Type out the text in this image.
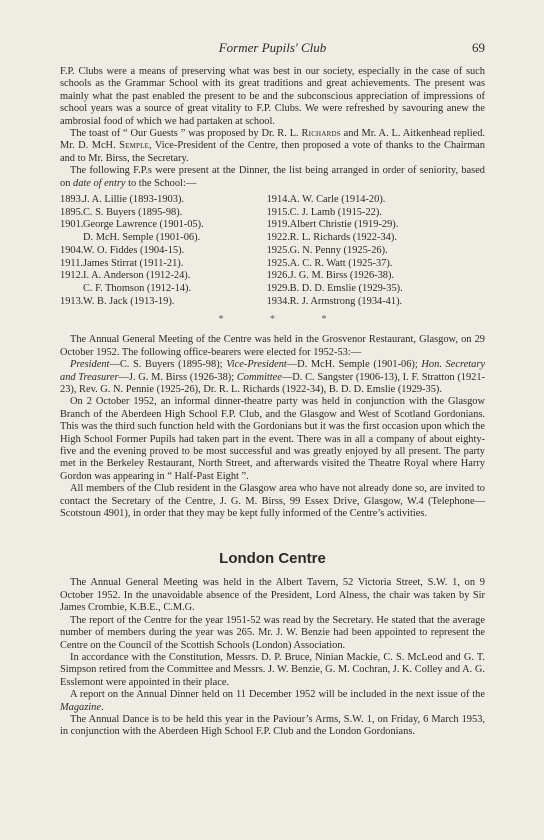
Former Pupils' Club	69

F.P. Clubs were a means of preserving what was best in our society, especially in the case of such schools as the Grammar School with its great traditions and great achievements. The present was mainly what the past enabled the present to be and the subconscious appreciation of impressions of school years was a source of great vitality to F.P. Clubs. We were refreshed by savouring anew the ambrosial food of which we had partaken at school.

The toast of “ Our Guests ” was proposed by Dr. R. L. Richards and Mr. A. L. Aitkenhead replied. Mr. D. McH. Semple, Vice-President of the Centre, then proposed a vote of thanks to the Chairman and to Mr. Birss, the Secretary.

The following F.P.s were present at the Dinner, the list being arranged in order of seniority, based on date of entry to the School:—

1893. J. A. Lillie (1893-1903).
1895. C. S. Buyers (1895-98).
1901. George Lawrence (1901-05).
D. McH. Semple (1901-06).
1904. W. O. Fiddes (1904-15).
1911. James Stirrat (1911-21).
1912. I. A. Anderson (1912-24).
C. F. Thomson (1912-14).
1913. W. B. Jack (1913-19).
1914. A. W. Carle (1914-20).
1915. C. J. Lamb (1915-22).
1919. Albert Christie (1919-29).
1922. R. L. Richards (1922-34).
1925. G. N. Penny (1925-26).
1925. A. C. R. Watt (1925-37).
1926. J. G. M. Birss (1926-38).
1929. B. D. D. Emslie (1929-35).
1934. R. J. Armstrong (1934-41).
* * *

The Annual General Meeting of the Centre was held in the Grosvenor Restaurant, Glasgow, on 29 October 1952. The following office-bearers were elected for 1952-53:—

President—C. S. Buyers (1895-98); Vice-President—D. McH. Semple (1901-06); Hon. Secretary and Treasurer—J. G. M. Birss (1926-38); Committee—D. C. Sangster (1906-13), I. F. Stratton (1921-23), Rev. G. N. Pennie (1925-26), Dr. R. L. Richards (1922-34), B. D. D. Emslie (1929-35).

On 2 October 1952, an informal dinner-theatre party was held in conjunction with the Glasgow Branch of the Aberdeen High School F.P. Club, and the Glasgow and West of Scotland Gordonians. This was the third such function held with the Gordonians but it was the first occasion upon which the High School Former Pupils had taken part in the event. There was in all a company of about eighty-five and the evening proved to be most successful and was greatly enjoyed by all present. The party met in the Berkeley Restaurant, North Street, and afterwards visited the Theatre Royal where Harry Gordon was appearing in “ Half-Past Eight ”.

All members of the Club resident in the Glasgow area who have not already done so, are invited to contact the Secretary of the Centre, J. G. M. Birss, 99 Essex Drive, Glasgow, W.4 (Telephone—Scotstoun 4901), in order that they may be kept fully informed of the Centre’s activities.

London Centre

The Annual General Meeting was held in the Albert Tavern, 52 Victoria Street, S.W. 1, on 9 October 1952. In the unavoidable absence of the President, Lord Alness, the chair was taken by Sir James Crombie, K.B.E., C.M.G.

The report of the Centre for the year 1951-52 was read by the Secretary. He stated that the average number of members during the year was 265. Mr. J. W. Benzie had been appointed to represent the Centre on the Council of the Scottish Schools (London) Association.

In accordance with the Constitution, Messrs. D. P. Bruce, Ninian Mackie, C. S. McLeod and G. T. Simpson retired from the Committee and Messrs. J. W. Benzie, G. M. Cochran, J. K. Colley and A. G. Esslemont were appointed in their place.

A report on the Annual Dinner held on 11 December 1952 will be included in the next issue of the Magazine.

The Annual Dance is to be held this year in the Paviour’s Arms, S.W. 1, on Friday, 6 March 1953, in conjunction with the Aberdeen High School F.P. Club and the London Gordonians.
